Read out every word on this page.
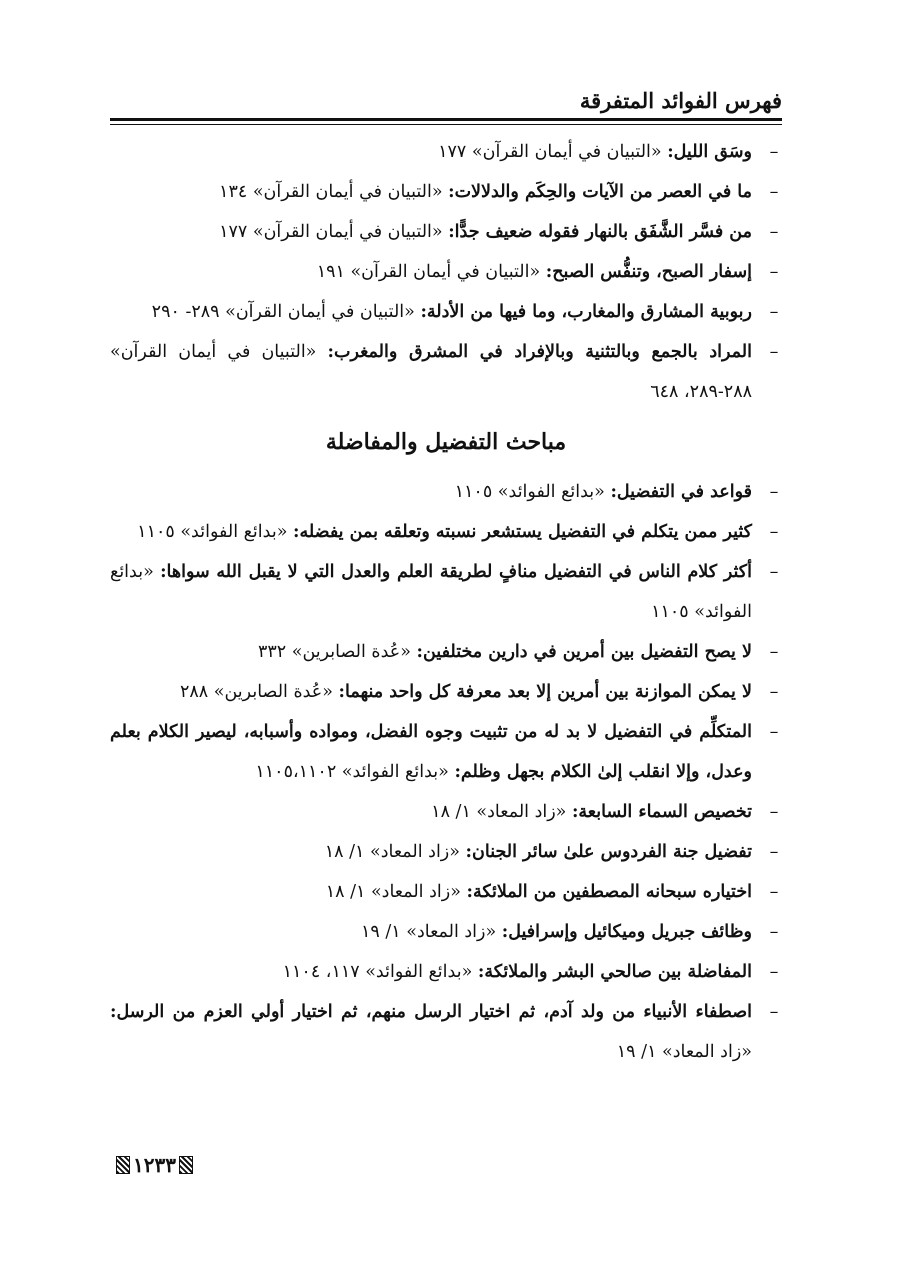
فهرس الفوائد المتفرقة

–
وسَق الليل: «التبيان في أيمان القرآن» ١٧٧

–
ما في العصر من الآيات والحِكَم والدلالات: «التبيان في أيمان القرآن» ١٣٤

–
من فسَّر الشَّفَق بالنهار فقوله ضعيف جدًّا: «التبيان في أيمان القرآن» ١٧٧

–
إسفار الصبح، وتنفُّس الصبح: «التبيان في أيمان القرآن» ١٩١

–
ربوبية المشارق والمغارب، وما فيها من الأدلة: «التبيان في أيمان القرآن» ٢٨٩- ٢٩٠

–
المراد بالجمع وبالتثنية وبالإفراد في المشرق والمغرب: «التبيان في أيمان القرآن» ٢٨٨-٢٨٩، ٦٤٨

مباحث التفضيل والمفاضلة

–
قواعد في التفضيل: «بدائع الفوائد» ١١٠٥

–
كثير ممن يتكلم في التفضيل يستشعر نسبته وتعلقه بمن يفضله: «بدائع الفوائد» ١١٠٥

–
أكثر كلام الناس في التفضيل منافٍ لطريقة العلم والعدل التي لا يقبل الله سواها: «بدائع الفوائد» ١١٠٥

–
لا يصح التفضيل بين أمرين في دارين مختلفين: «عُدة الصابرين» ٣٣٢

–
لا يمكن الموازنة بين أمرين إلا بعد معرفة كل واحد منهما: «عُدة الصابرين» ٢٨٨

–
المتكلِّم في التفضيل لا بد له من تثبيت وجوه الفضل، ومواده وأسبابه، ليصير الكلام بعلم وعدل، وإلا انقلب إلىٰ الكلام بجهل وظلم: «بدائع الفوائد» ١١٠٥،١١٠٢

–
تخصيص السماء السابعة: «زاد المعاد» ١/ ١٨

–
تفضيل جنة الفردوس علىٰ سائر الجنان: «زاد المعاد» ١/ ١٨

–
اختياره سبحانه المصطفين من الملائكة: «زاد المعاد» ١/ ١٨

–
وظائف جبريل وميكائيل وإسرافيل: «زاد المعاد» ١/ ١٩

–
المفاضلة بين صالحي البشر والملائكة: «بدائع الفوائد» ١١٧، ١١٠٤

–
اصطفاء الأنبياء من ولد آدم، ثم اختيار الرسل منهم، ثم اختيار أولي العزم من الرسل: «زاد المعاد» ١/ ١٩

١٢٣٣
